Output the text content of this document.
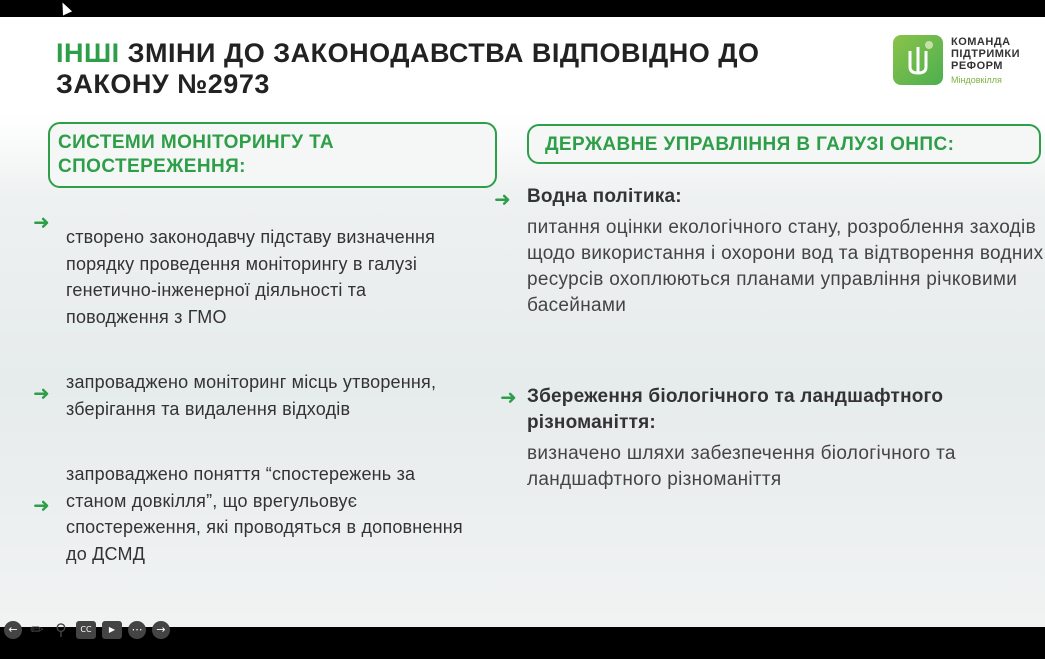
ІНШІ ЗМІНИ ДО ЗАКОНОДАВСТВА ВІДПОВІДНО ДО ЗАКОНУ №2973
КОМАНДА
ПІДТРИМКИ
РЕФОРМ
Міндовкілля
СИСТЕМИ МОНІТОРИНГУ ТА СПОСТЕРЕЖЕННЯ:
➜
створено законодавчу підставу визначення порядку проведення моніторингу в галузі генетично-інженерної діяльності та поводження з ГМО
➜
запроваджено моніторинг місць утворення, зберігання та видалення відходів
➜
запроваджено поняття “спостережень за станом довкілля”, що врегульовує спостереження, які проводяться в доповнення до ДСМД
ДЕРЖАВНЕ УПРАВЛІННЯ В ГАЛУЗІ ОНПС:
➜ Водна політика:
питання оцінки екологічного стану, розроблення заходів щодо використання і охорони вод та відтворення водних ресурсів охоплюються планами управління річковими басейнами
➜ Збереження біологічного та ландшафтного різноманіття:
визначено шляхи забезпечення біологічного та ландшафтного різноманіття
← ✏ ⚲	CC	▶	⋯	→
